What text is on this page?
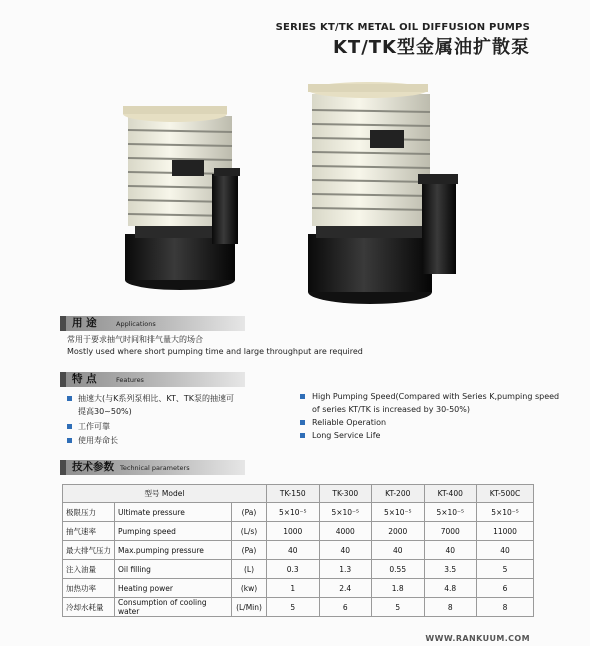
SERIES KT/TK METAL OIL DIFFUSION PUMPS
KT/TK型金属油扩散泵
用 途	Applications
常用于要求抽气时间和排气量大的场合
Mostly used where short pumping time and large throughput are required
特 点	Features
抽速大(与K系列泵相比、KT、TK泵的抽速可
提高30~50%)
工作可靠
使用寿命长
High Pumping Speed(Compared with Series K,pumping speed
of series KT/TK is increased by 30-50%)
Reliable Operation
Long Service Life
技术参数 Technical parameters
型号 Model			TK-150	TK-300	KT-200	KT-400	KT-500C
极限压力	Ultimate pressure	(Pa)	5×10⁻⁵	5×10⁻⁵	5×10⁻⁵	5×10⁻⁵	5×10⁻⁵
抽气速率	Pumping speed	(L/s)	1000	4000	2000	7000	11000
最大排气压力	Max.pumping pressure	(Pa)	40	40	40	40	40
注入油量	Oil filling	(L)	0.3	1.3	0.55	3.5	5
加热功率	Heating power	(kw)	1	2.4	1.8	4.8	6
冷却水耗量	Consumption of cooling water	(L/Min)	5	6	5	8	8
WWW.RANKUUM.COM
